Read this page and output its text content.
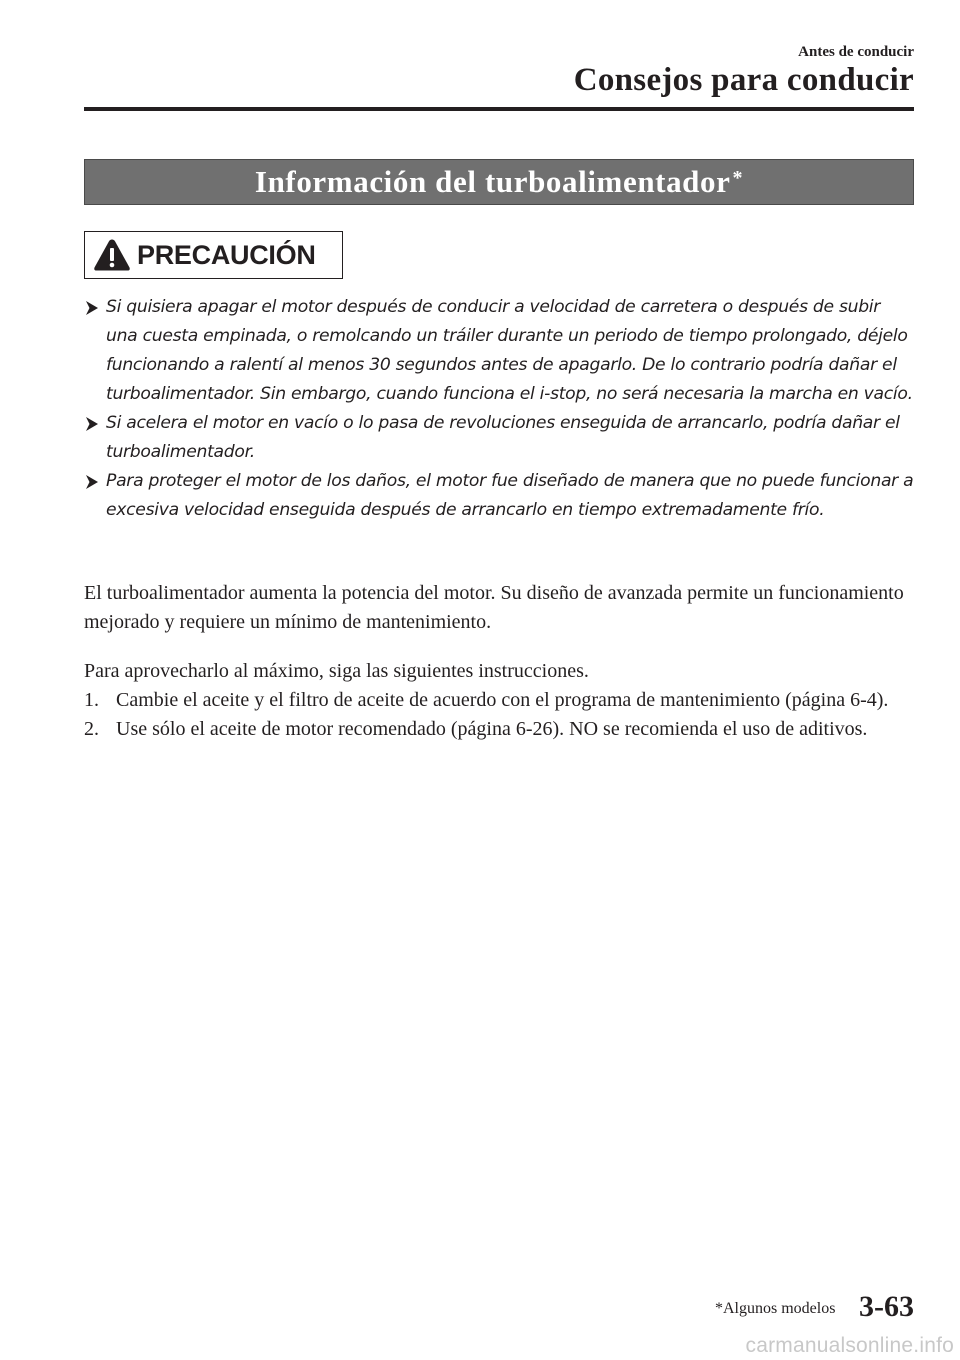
Antes de conducir
Consejos para conducir
Información del turboalimentador*
PRECAUCIÓN
Si quisiera apagar el motor después de conducir a velocidad de carretera o después de subir una cuesta empinada, o remolcando un tráiler durante un periodo de tiempo prolongado, déjelo funcionando a ralentí al menos 30 segundos antes de apagarlo. De lo contrario podría dañar el turboalimentador. Sin embargo, cuando funciona el i-stop, no será necesaria la marcha en vacío.
Si acelera el motor en vacío o lo pasa de revoluciones enseguida de arrancarlo, podría dañar el turboalimentador.
Para proteger el motor de los daños, el motor fue diseñado de manera que no puede funcionar a excesiva velocidad enseguida después de arrancarlo en tiempo extremadamente frío.

El turboalimentador aumenta la potencia del motor. Su diseño de avanzada permite un funcionamiento mejorado y requiere un mínimo de mantenimiento.

Para aprovecharlo al máximo, siga las siguientes instrucciones.

1. Cambie el aceite y el filtro de aceite de acuerdo con el programa de mantenimiento (página 6-4).
2. Use sólo el aceite de motor recomendado (página 6-26). NO se recomienda el uso de aditivos.
*Algunos modelos 3-63
carmanualsonline.info
